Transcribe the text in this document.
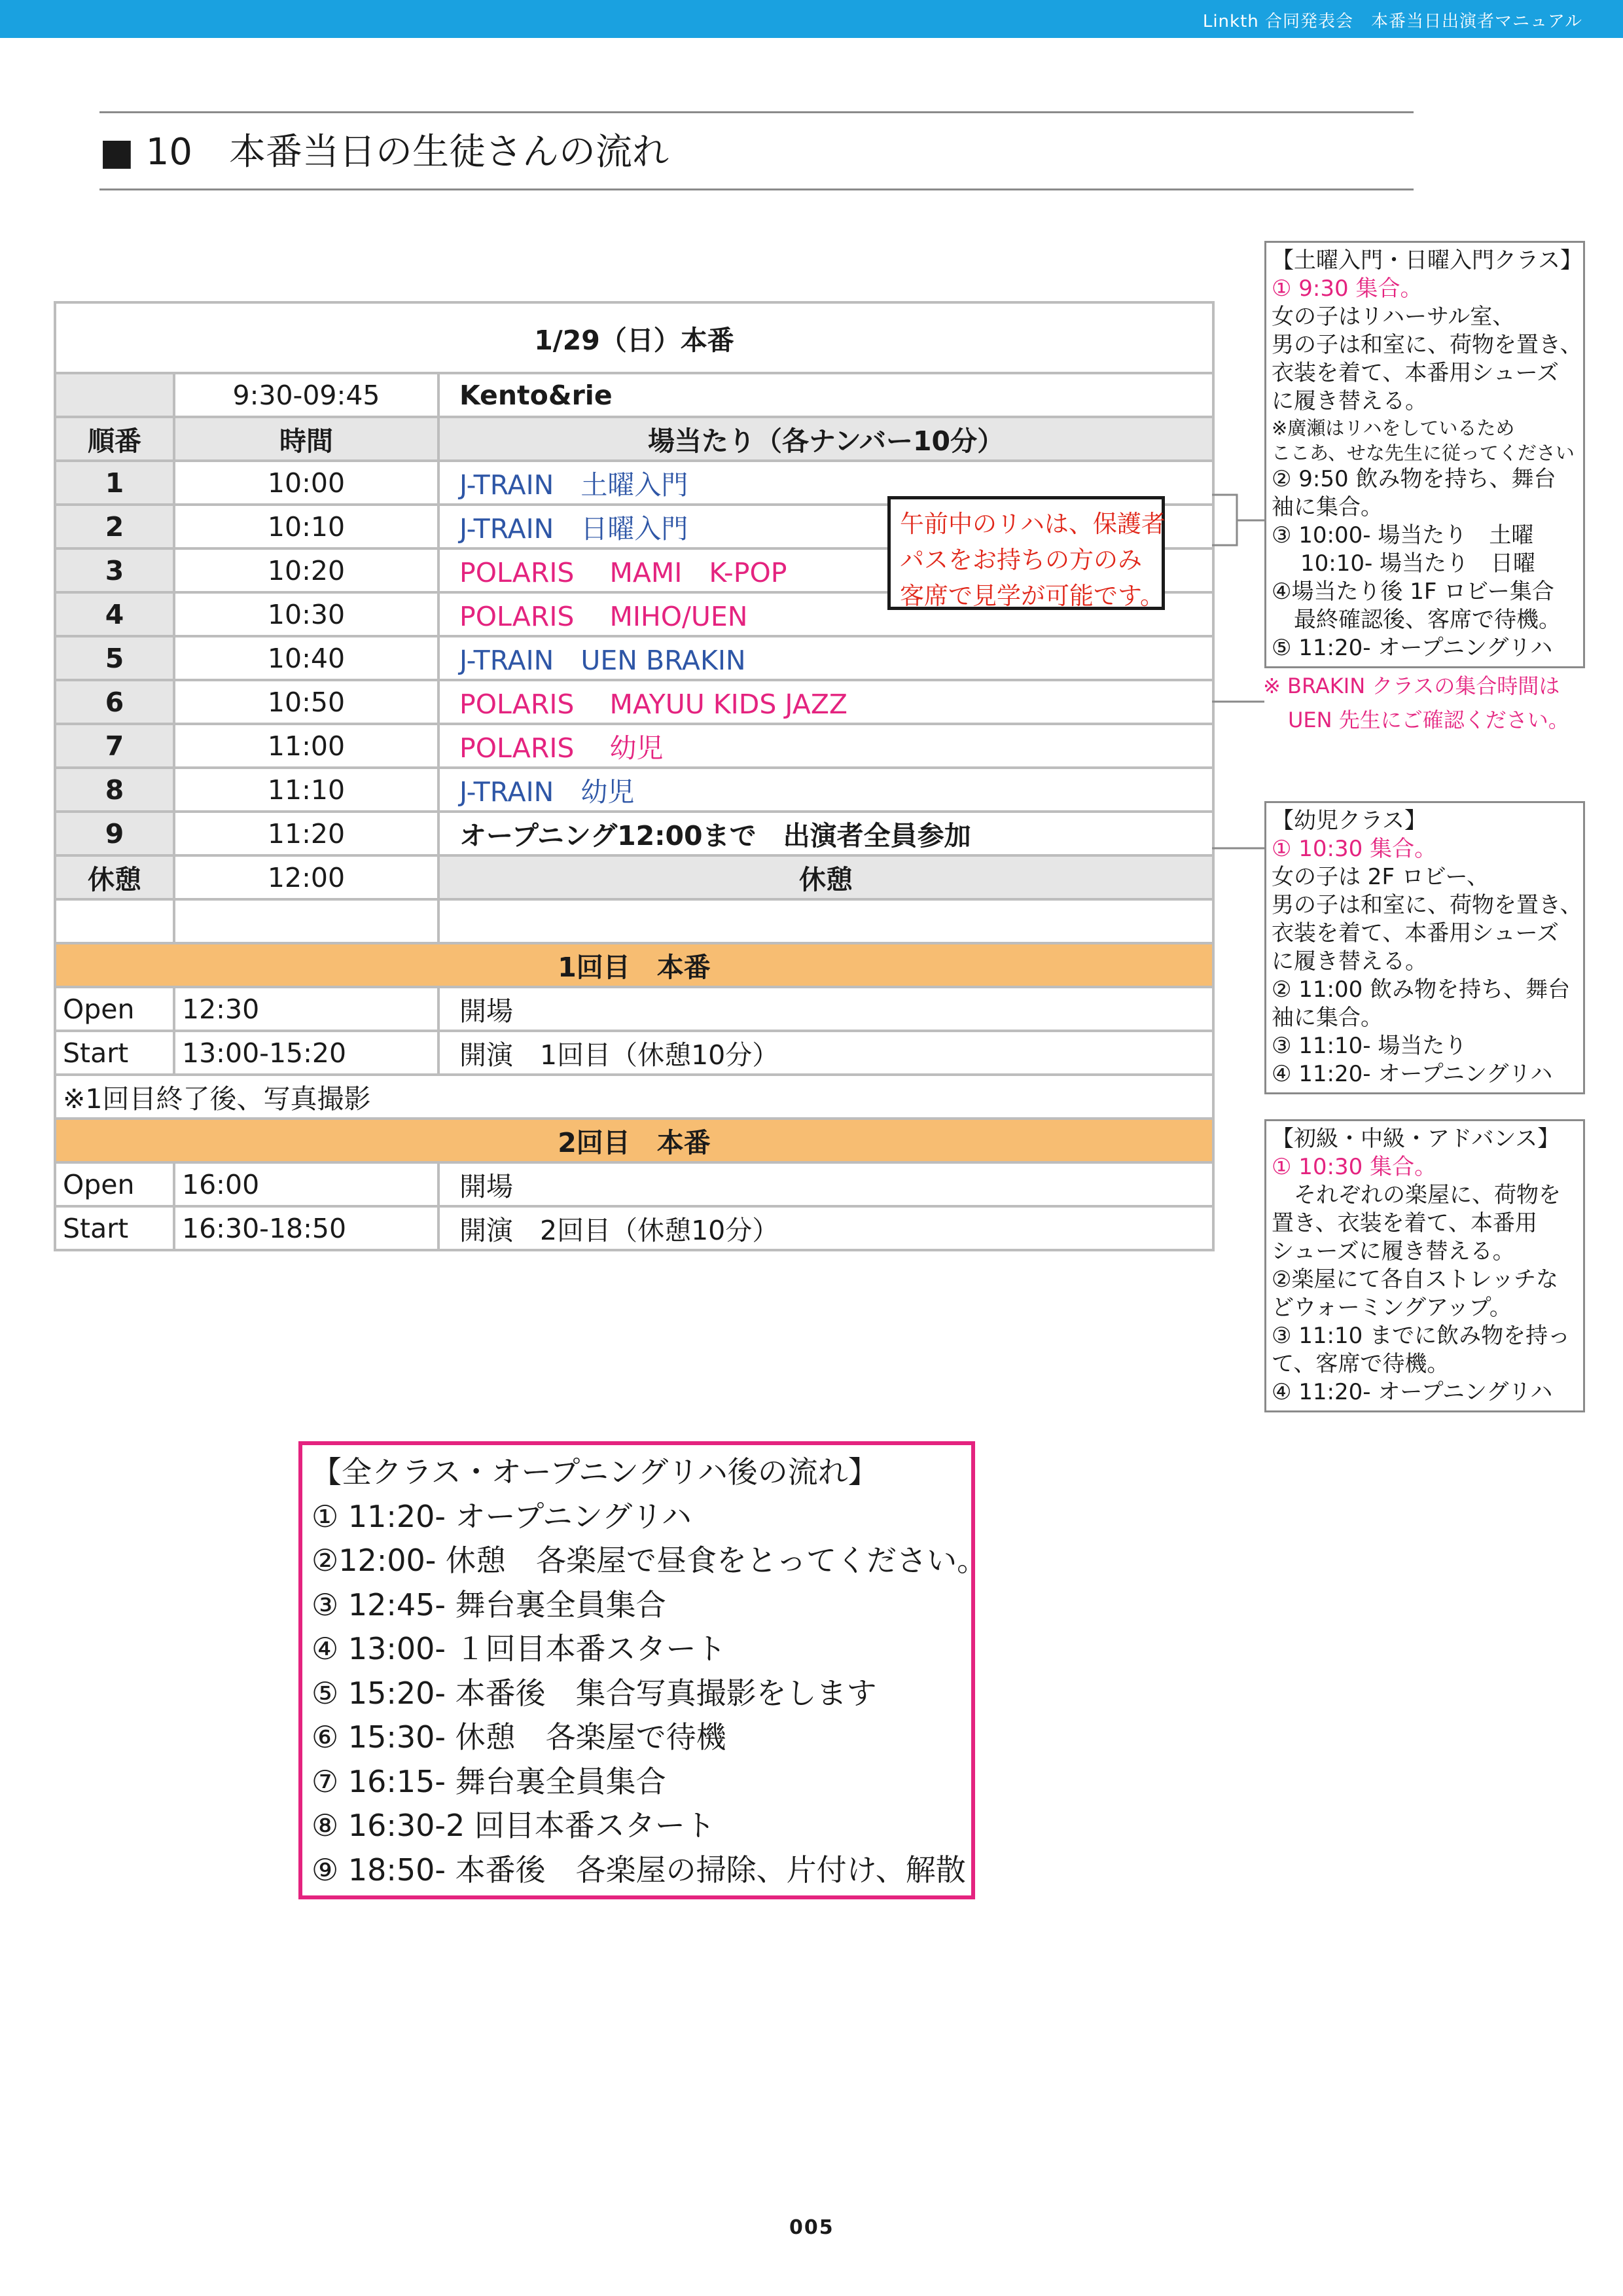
Linkth 合同発表会　本番当日出演者マニュアル
■ 10　本番当日の生徒さんの流れ
1/29（日）本番		
	9:30-09:45	Kento&rie
順番	時間	場当たり（各ナンバー10分）
1	10:00	J-TRAIN　土曜入門
2	10:10	J-TRAIN　日曜入門
3	10:20	POLARIS　 MAMI　K-POP
4	10:30	POLARIS　 MIHO/UEN
5	10:40	J-TRAIN　UEN BRAKIN
6	10:50	POLARIS　 MAYUU KIDS JAZZ
7	11:00	POLARIS　 幼児
8	11:10	J-TRAIN　幼児
9	11:20	オープニング12:00まで　出演者全員参加
休憩	12:00	休憩

1回目　本番		
Open	12:30	開場
Start	13:00-15:20	開演　1回目（休憩10分）
※1回目終了後、写真撮影		
2回目　本番		
Open	16:00	開場
Start	16:30-18:50	開演　2回目（休憩10分）
午前中のリハは、保護者
パスをお持ちの方のみ
客席で見学が可能です。
【土曜入門・日曜入門クラス】
① 9:30 集合。
女の子はリハーサル室、
男の子は和室に、荷物を置き、
衣装を着て、本番用シューズ
に履き替える。
※廣瀬はリハをしているため
ここあ、せな先生に従ってください
② 9:50 飲み物を持ち、舞台
袖に集合。
③ 10:00- 場当たり　土曜
10:10- 場当たり　日曜
④場当たり後 1F ロビー集合
最終確認後、客席で待機。
⑤ 11:20- オープニングリハ
※ BRAKIN クラスの集合時間は
UEN 先生にご確認ください。
【幼児クラス】
① 10:30 集合。
女の子は 2F ロビー、
男の子は和室に、荷物を置き、
衣装を着て、本番用シューズ
に履き替える。
② 11:00 飲み物を持ち、舞台
袖に集合。
③ 11:10- 場当たり
④ 11:20- オープニングリハ
【初級・中級・アドバンス】
① 10:30 集合。
　それぞれの楽屋に、荷物を
置き、衣装を着て、本番用
シューズに履き替える。
②楽屋にて各自ストレッチな
どウォーミングアップ。
③ 11:10 までに飲み物を持っ
て、客席で待機。
④ 11:20- オープニングリハ
【全クラス・オープニングリハ後の流れ】
① 11:20- オープニングリハ
②12:00- 休憩　各楽屋で昼食をとってください。
③ 12:45- 舞台裏全員集合
④ 13:00- １回目本番スタート
⑤ 15:20- 本番後　集合写真撮影をします
⑥ 15:30- 休憩　各楽屋で待機
⑦ 16:15- 舞台裏全員集合
⑧ 16:30-2 回目本番スタート
⑨ 18:50- 本番後　各楽屋の掃除、片付け、解散
005
